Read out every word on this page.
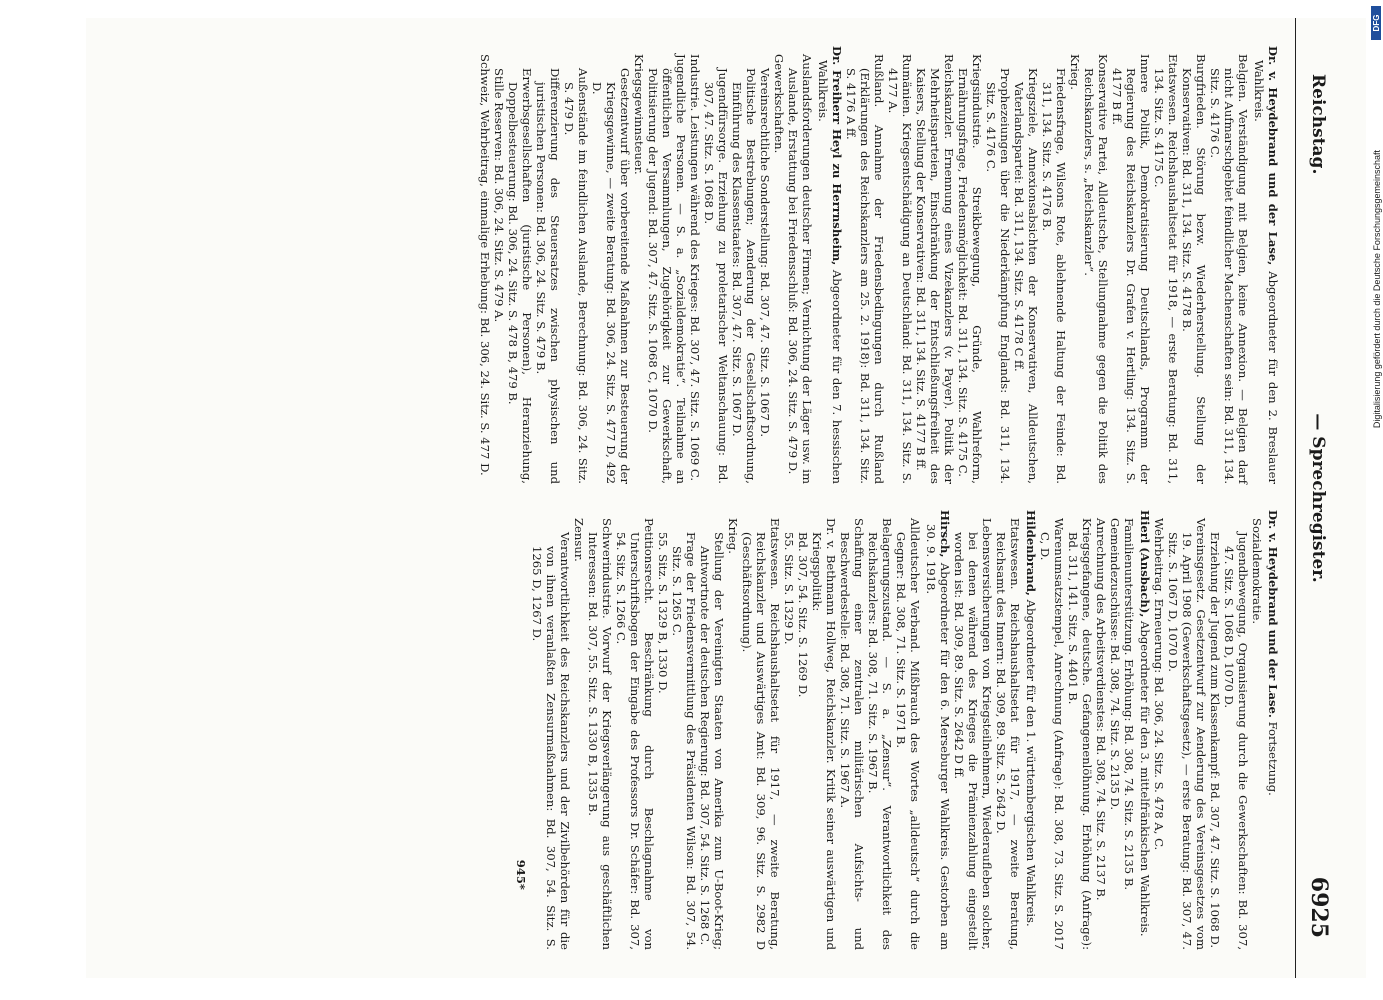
Reichstag.
— Sprechregister.
6925
Dr. v. Heydebrand und der Lase, Abgeordneter für den 2. Breslauer Wahlkreis.
Belgien. Verständigung mit Belgien, keine Annexion. — Belgien darf nicht Aufmarschgebiet feindlicher Machenschaften sein: Bd. 311, 134. Sitz. S. 4176 C.
Burgfrieden. Störung bezw. Wiederherstellung. Stellung der Konservativen: Bd. 311, 134. Sitz. S. 4178 B.
Etatswesen. Reichshaushaltsetat für 1918, — erste Beratung: Bd. 311, 134. Sitz. S. 4175 C.
Innere Politik, Demokratisierung Deutschlands, Programm der Regierung des Reichskanzlers Dr. Grafen v. Hertling: 134. Sitz. S. 4177 B ff.
Konservative Partei, Alldeutsche, Stellungnahme gegen die Politik des Reichskanzlers, s. „Reichskanzler“.
Krieg.
Friedensfrage, Wilsons Rote, ablehnende Haltung der Feinde: Bd. 311, 134. Sitz. S. 4176 B.
Kriegsziele, Annexionsabsichten der Konservativen, Alldeutschen, Vaterlandspartei: Bd. 311, 134. Sitz. S. 4178 C ff.
Prophezeiungen über die Niederkämpfung Englands: Bd. 311, 134. Sitz. S. 4176 C.
Kriegsindustrie. Streikbewegung, Gründe, Wahlreform, Ernährungsfrage, Friedensmöglichkeit: Bd. 311, 134. Sitz. S. 4175 C.
Reichskanzler. Ernennung eines Vizekanzlers (v. Payer). Politik der Mehrheitsparteien, Einschränkung der Entschließungsfreiheit des Kaisers, Stellung der Konservativen: Bd. 311, 134. Sitz. S. 4177 B ff.
Rumänien. Kriegsentschädigung an Deutschland: Bd. 311, 134. Sitz. S. 4177 A.
Rußland. Annahme der Friedensbedingungen durch Rußland (Erklärungen des Reichskanzlers am 25. 2. 1918): Bd. 311, 134. Sitz. S. 4176 A ff.
Dr. Freiherr Heyl zu Herrnsheim, Abgeordneter für den 7. hessischen Wahlkreis.
Auslandsforderungen deutscher Firmen; Vernichtung der Läger usw. im Auslande, Erstattung bei Friedensschluß: Bd. 306, 24. Sitz. S. 479 D.
Gewerkschaften.
Vereinsrechtliche Sonderstellung: Bd. 307, 47. Sitz. S. 1067 D.
Politische Bestrebungen; Aenderung der Gesellschaftsordnung, Einführung des Klassenstaates: Bd. 307, 47. Sitz. S. 1067 D.
Jugendfürsorge. Erziehung zu proletarischer Weltanschauung: Bd. 307, 47. Sitz. S. 1068 D.
Industrie. Leistungen während des Krieges: Bd. 307, 47. Sitz. S. 1069 C.
Jugendliche Personen. — S. a. „Sozialdemokratie“. Teilnahme an öffentlichen Versammlungen, Zugehörigkeit zur Gewerkschaft, Politisierung der Jugend: Bd. 307, 47. Sitz. S. 1068 C, 1070 D.
Kriegsgewinnsteuer.
Gesetzentwurf über vorbereitende Maßnahmen zur Besteuerung der Kriegsgewinne, — zweite Beratung: Bd. 306, 24. Sitz. S. 477 D, 492 D.
Außenstände im feindlichen Auslande, Berechnung: Bd. 306, 24. Sitz. S. 479 D.
Differenzierung des Steuersatzes zwischen physischen und juristischen Personen: Bd. 306, 24. Sitz. S. 479 B.
Erwerbsgesellschaften (juristische Personen), Heranziehung, Doppelbesteuerung: Bd. 306, 24. Sitz. S. 478 B, 479 B.
Stille Reserven: Bd. 306, 24. Sitz. S. 479 A.
Schweiz, Wehrbeitrag, einmalige Erhebung: Bd. 306, 24. Sitz. S. 477 D.
Dr. v. Heydebrand und der Lase. Fortsetzung.
Sozialdemokratie.
Jugendbewegung, Organisierung durch die Gewerkschaften: Bd. 307, 47. Sitz. S. 1068 D, 1070 D.
Erziehung der Jugend zum Klassenkampf: Bd. 307, 47. Sitz. S. 1068 D.
Vereinsgesetz. Gesetzentwurf zur Aenderung des Vereinsgesetzes vom 19. April 1908 (Gewerkschaftsgesetz), — erste Beratung: Bd. 307, 47. Sitz. S. 1067 D, 1070 D.
Wehrbeitrag. Erneuerung: Bd. 306, 24. Sitz. S. 478 A, C.
Hierl (Ansbach), Abgeordneter für den 3. mittelfränkischen Wahlkreis.
Familienunterstützung. Erhöhung: Bd. 308, 74. Sitz. S. 2135 B.
Gemeindezuschüsse: Bd. 308, 74. Sitz. S. 2135 D.
Anrechnung des Arbeitsverdienstes: Bd. 308, 74. Sitz. S. 2137 B.
Kriegsgefangene, deutsche. Gefangenenlöhnung. Erhöhung (Anfrage): Bd. 311, 141. Sitz. S. 4401 B.
Warenumsatzstempel, Anrechnung (Anfrage): Bd. 308, 73. Sitz. S. 2017 C, D.
Hildenbrand, Abgeordneter für den 1. württembergischen Wahlkreis.
Etatswesen. Reichshaushaltsetat für 1917, — zweite Beratung, Reichsamt des Innern: Bd. 309, 89. Sitz. S. 2642 D.
Lebensversicherungen von Kriegsteilnehmern, Wiederaufleben solcher, bei denen während des Krieges die Prämienzahlung eingestellt worden ist: Bd. 309, 89. Sitz. S. 2642 D ff.
Hirsch, Abgeordneter für den 6. Merseburger Wahlkreis. Gestorben am 30. 9. 1918.
Alldeutscher Verband. Mißbrauch des Wortes „alldeutsch“ durch die Gegner: Bd. 308, 71. Sitz. S. 1971 B.
Belagerungszustand. — S. a. „Zensur“. Verantwortlichkeit des Reichskanzlers: Bd. 308, 71. Sitz. S. 1967 B.
Schaffung einer zentralen militärischen Aufsichts- und Beschwerdestelle: Bd. 308, 71. Sitz. S. 1967 A.
Dr. v. Bethmann Hollweg, Reichskanzler. Kritik seiner auswärtigen und Kriegspolitik:
Bd. 307, 54. Sitz. S. 1269 D.
55. Sitz. S. 1329 D.
Etatswesen. Reichshaushaltsetat für 1917, — zweite Beratung, Reichskanzler und Auswärtiges Amt: Bd. 309, 96. Sitz. S. 2982 D (Geschäftsordnung).
Krieg.
Stellung der Vereinigten Staaten von Amerika zum U-Boot-Krieg; Antwortnote der deutschen Regierung: Bd. 307, 54. Sitz. S. 1268 C.
Frage der Friedensvermittlung des Präsidenten Wilson: Bd. 307, 54. Sitz. S. 1265 C.
55. Sitz. S. 1329 B, 1330 D.
Petitionsrecht. Beschränkung durch Beschlagnahme von Unterschriftsbogen der Eingabe des Professors Dr. Schäfer: Bd. 307, 54. Sitz. S. 1266 C.
Schwerindustrie. Vorwurf der Kriegsverlängerung aus geschäftlichen Interessen: Bd. 307, 55. Sitz. S. 1330 B, 1335 B.
Zensur.
Verantwortlichkeit des Reichskanzlers und der Zivilbehörden für die von ihnen veranlaßten Zensurmaßnahmen: Bd. 307, 54. Sitz. S. 1265 D, 1267 D.
945*
DFG
Digitalisierung gefördert durch die Deutsche Forschungsgemeinschaft
